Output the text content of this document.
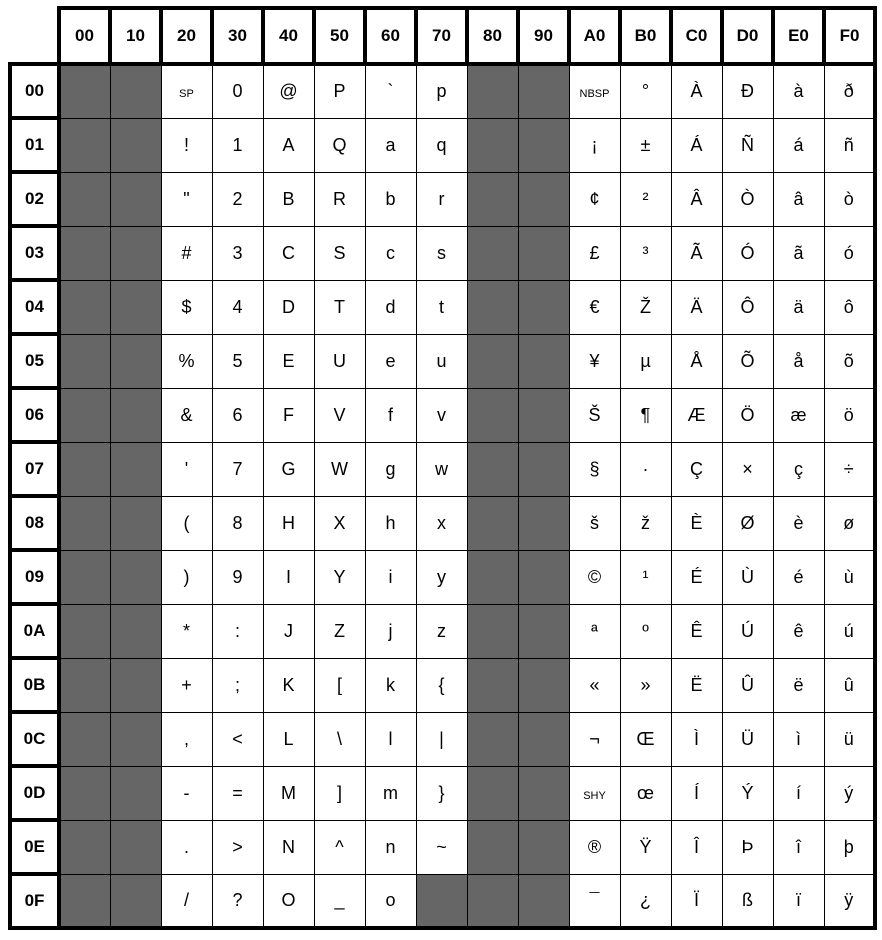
	00	10	20	30	40	50	60	70	80	90	A0	B0	C0	D0	E0	F0
00			SP	0	@	P	`	p			NBSP	°	À	Ð	à	ð
01			!	1	A	Q	a	q			¡	±	Á	Ñ	á	ñ
02			"	2	B	R	b	r			¢	²	Â	Ò	â	ò
03			#	3	C	S	c	s			£	³	Ã	Ó	ã	ó
04			$	4	D	T	d	t			€	Ž	Ä	Ô	ä	ô
05			%	5	E	U	e	u			¥	µ	Å	Õ	å	õ
06			&	6	F	V	f	v			Š	¶	Æ	Ö	æ	ö
07			'	7	G	W	g	w			§	·	Ç	×	ç	÷
08			(	8	H	X	h	x			š	ž	È	Ø	è	ø
09			)	9	I	Y	i	y			©	¹	É	Ù	é	ù
0A			*	:	J	Z	j	z			ª	º	Ê	Ú	ê	ú
0B			+	;	K	[	k	{			«	»	Ë	Û	ë	û
0C			,	<	L	\	l	|			¬	Œ	Ì	Ü	ì	ü
0D			-	=	M	]	m	}			SHY	œ	Í	Ý	í	ý
0E			.	>	N	^	n	~			®	Ÿ	Î	Þ	î	þ
0F			/	?	O	_	o				¯	¿	Ï	ß	ï	ÿ
